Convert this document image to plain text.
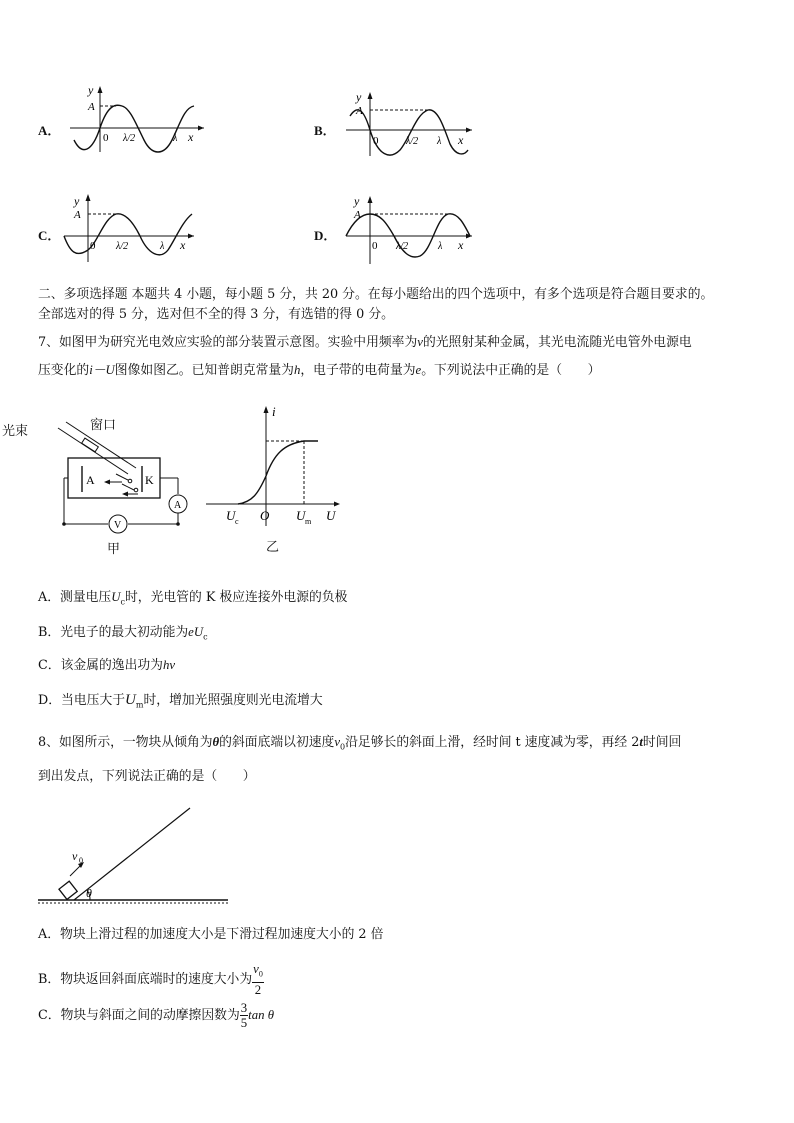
A．	B．
C．	D．
y
A
0 λ/2	λ x
y
A
0	λ/2 λ x
y
A
0 λ/2	λ x
y
A
0 λ/2	λ x
二、多项选择题 本题共 4 小题，每小题 5 分，共 20 分。在每小题给出的四个选项中，有多个选项是符合题目要求的。
全部选对的得 5 分，选对但不全的得 3 分，有选错的得 0 分。
7、如图甲为研究光电效应实验的部分装置示意图。实验中用频率为ν的光照射某种金属，其光电流随光电管外电源电
压变化的i－U图像如图乙。已知普朗克常量为h，电子带的电荷量为e。下列说法中正确的是（　　）
A	K
A
V
光束	窗口
甲
i
U c O U m U
乙
A．测量电压$U_c$时，光电管的 K 极应连接外电源的负极
B．光电子的最大初动能为$eU_c$
C．该金属的逸出功为hν
D．当电压大于$U_m$时，增加光照强度则光电流增大
8、如图所示，一物块从倾角为θ的斜面底端以初速度$v_0$沿足够长的斜面上滑，经时间 t 速度减为零，再经 2t时间回
到出发点，下列说法正确的是（　　）
v 0
θ
A．物块上滑过程的加速度大小是下滑过程加速度大小的 2 倍
B．物块返回斜面底端时的速度大小为 $\frac{v_0}{2}$
C．物块与斜面之间的动摩擦因数为 $\frac{3}{5}$ tan θ
